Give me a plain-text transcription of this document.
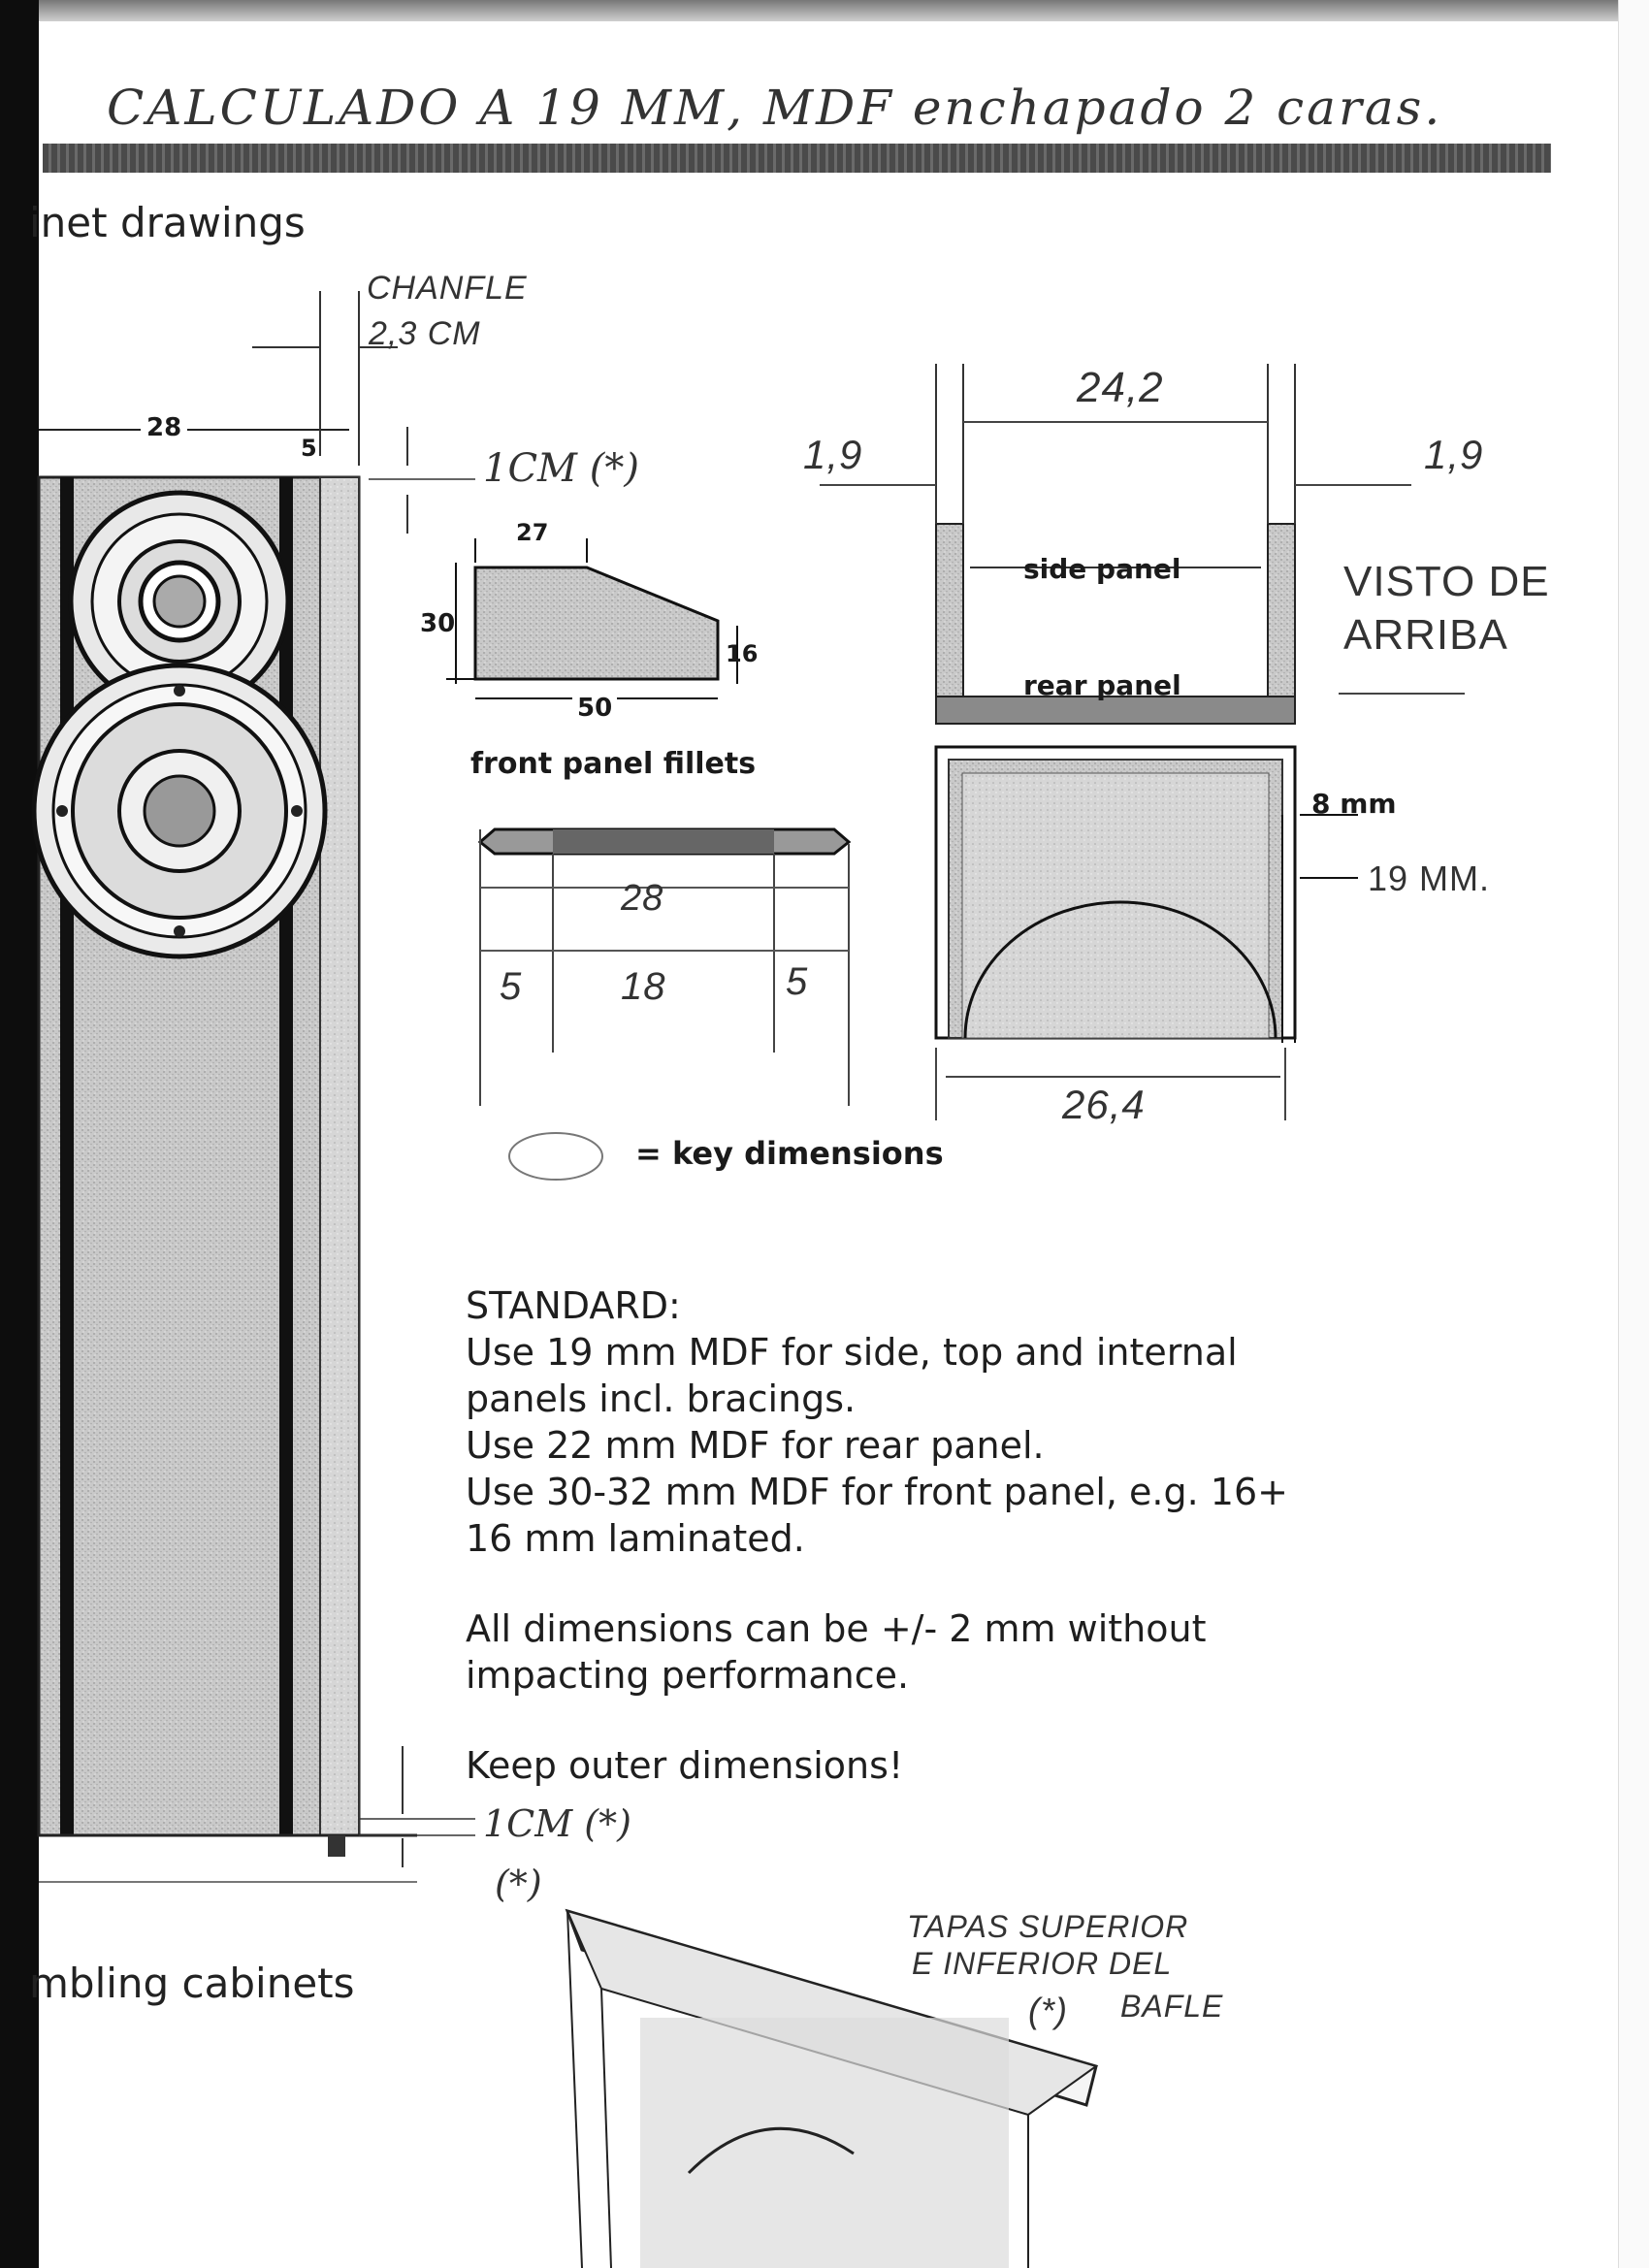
CALCULADO A 19 MM, MDF enchapado 2 caras.
inet drawings
mbling cabinets
CHANFLE
2,3 CM
28
5	1CM (*)
27
30
16
50
front panel fillets
28
5	18	5
= key dimensions
24,2
1,9	1,9
side panel
rear panel
VISTO DE
ARRIBA
8 mm
19 MM.
26,4

STANDARD:

Use 19 mm MDF for side, top and internal

panels incl. bracings.

Use 22 mm MDF for rear panel.

Use 30-32 mm MDF for front panel, e.g. 16+

16 mm laminated.

All dimensions can be +/- 2 mm without

impacting performance.

Keep outer dimensions!

1CM (*)
(*)
TAPAS SUPERIOR
E INFERIOR DEL
(*) BAFLE
